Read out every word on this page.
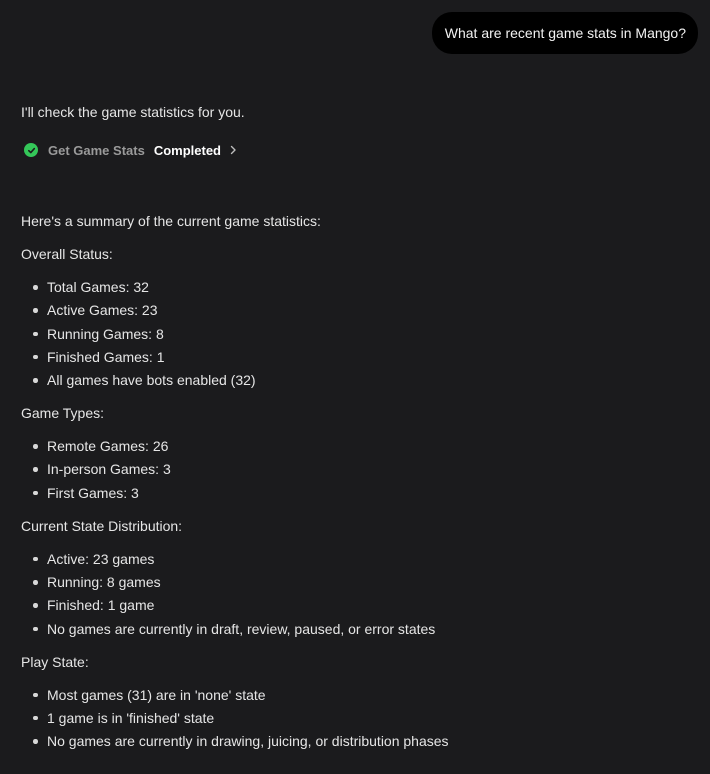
What are recent game stats in Mango?

I'll check the game statistics for you.

Get Game Stats Completed

Here's a summary of the current game statistics:

Overall Status:

Total Games: 32
Active Games: 23
Running Games: 8
Finished Games: 1
All games have bots enabled (32)

Game Types:

Remote Games: 26
In-person Games: 3
First Games: 3

Current State Distribution:

Active: 23 games
Running: 8 games
Finished: 1 game
No games are currently in draft, review, paused, or error states

Play State:

Most games (31) are in 'none' state
1 game is in 'finished' state
No games are currently in drawing, juicing, or distribution phases
